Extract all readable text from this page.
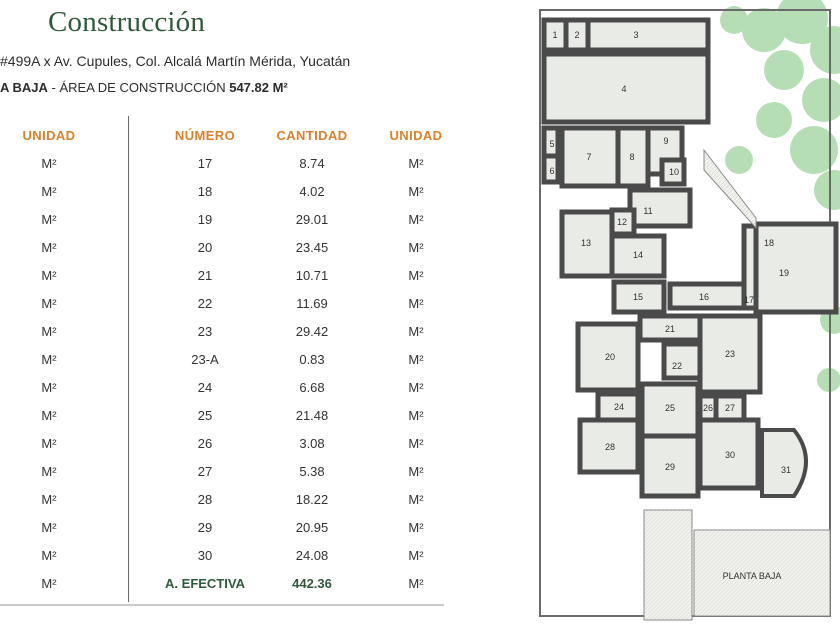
Construcción
#499A x Av. Cupules, Col. Alcalá Martín Mérida, Yucatán
A BAJA - ÁREA DE CONSTRUCCIÓN 547.82 M²
UNIDAD	NÚMERO	CANTIDAD	UNIDAD
M²	17	8.74	M²
M²	18	4.02	M²
M²	19	29.01	M²
M²	20	23.45	M²
M²	21	10.71	M²
M²	22	11.69	M²
M²	23	29.42	M²
M²	23-A	0.83	M²
M²	24	6.68	M²
M²	25	21.48	M²
M²	26	3.08	M²
M²	27	5.38	M²
M²	28	18.22	M²
M²	29	20.95	M²
M²	30	24.08	M²
M²	A. EFECTIVA	442.36	M²
1 2	3
4
5
6
7	8
9
10
11
12
13
14
15	16	17
18
19
20
21
22
23
24	25	26 27
28
29
30
31
PLANTA BAJA
